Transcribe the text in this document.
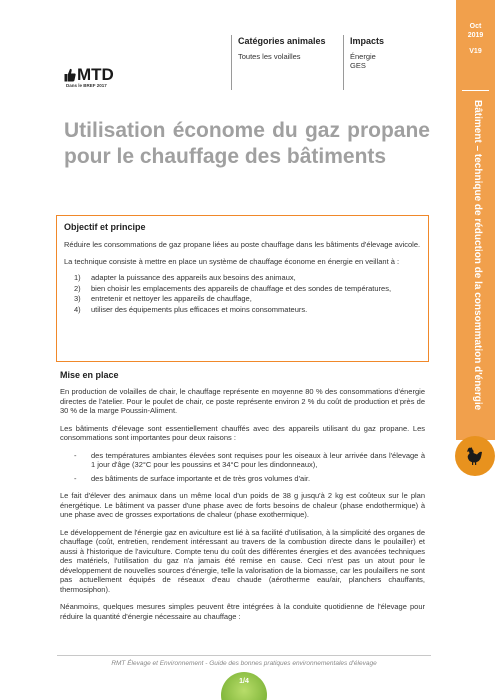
MTD
Dans le BREF 2017
Catégories animales
Toutes les volailles
Impacts
Énergie
GES
Oct
2019
V19
Bâtiment – technique de réduction de la consommation d'énergie
Utilisation économe du gaz propane pour le chauffage des bâtiments
Objectif et principe
Réduire les consommations de gaz propane liées au poste chauffage dans les bâtiments d'élevage avicole.
La technique consiste à mettre en place un système de chauffage économe en énergie en veillant à :
1) adapter la puissance des appareils aux besoins des animaux,
2) bien choisir les emplacements des appareils de chauffage et des sondes de températures,
3) entretenir et nettoyer les appareils de chauffage,
4) utiliser des équipements plus efficaces et moins consommateurs.
Mise en place
En production de volailles de chair, le chauffage représente en moyenne 80 % des consommations d'énergie directes de l'atelier. Pour le poulet de chair, ce poste représente environ 2 % du coût de production et près de 30 % de la marge Poussin-Aliment.
Les bâtiments d'élevage sont essentiellement chauffés avec des appareils utilisant du gaz propane. Les consommations sont importantes pour deux raisons :
- des températures ambiantes élevées sont requises pour les oiseaux à leur arrivée dans l'élevage à 1 jour d'âge (32°C pour les poussins et 34°C pour les dindonneaux),
- des bâtiments de surface importante et de très gros volumes d'air.
Le fait d'élever des animaux dans un même local d'un poids de 38 g jusqu'à 2 kg est coûteux sur le plan énergétique. Le bâtiment va passer d'une phase avec de forts besoins de chaleur (phase endothermique) à une phase avec de grosses exportations de chaleur (phase exothermique).
Le développement de l'énergie gaz en aviculture est lié à sa facilité d'utilisation, à la simplicité des organes de chauffage (coût, entretien, rendement intéressant au travers de la combustion directe dans le poulailler) et aussi à l'historique de l'aviculture. Compte tenu du coût des différentes énergies et des avancées techniques des matériels, l'utilisation du gaz n'a jamais été remise en cause. Ceci n'est pas un atout pour le développement de nouvelles sources d'énergie, telle la valorisation de la biomasse, car les poulaillers ne sont pas actuellement équipés de réseaux d'eau chaude (aérotherme eau/air, planchers chauffants, thermosiphon).
Néanmoins, quelques mesures simples peuvent être intégrées à la conduite quotidienne de l'élevage pour réduire la quantité d'énergie nécessaire au chauffage :
RMT Élevage et Environnement - Guide des bonnes pratiques environnementales d'élevage
1/4
